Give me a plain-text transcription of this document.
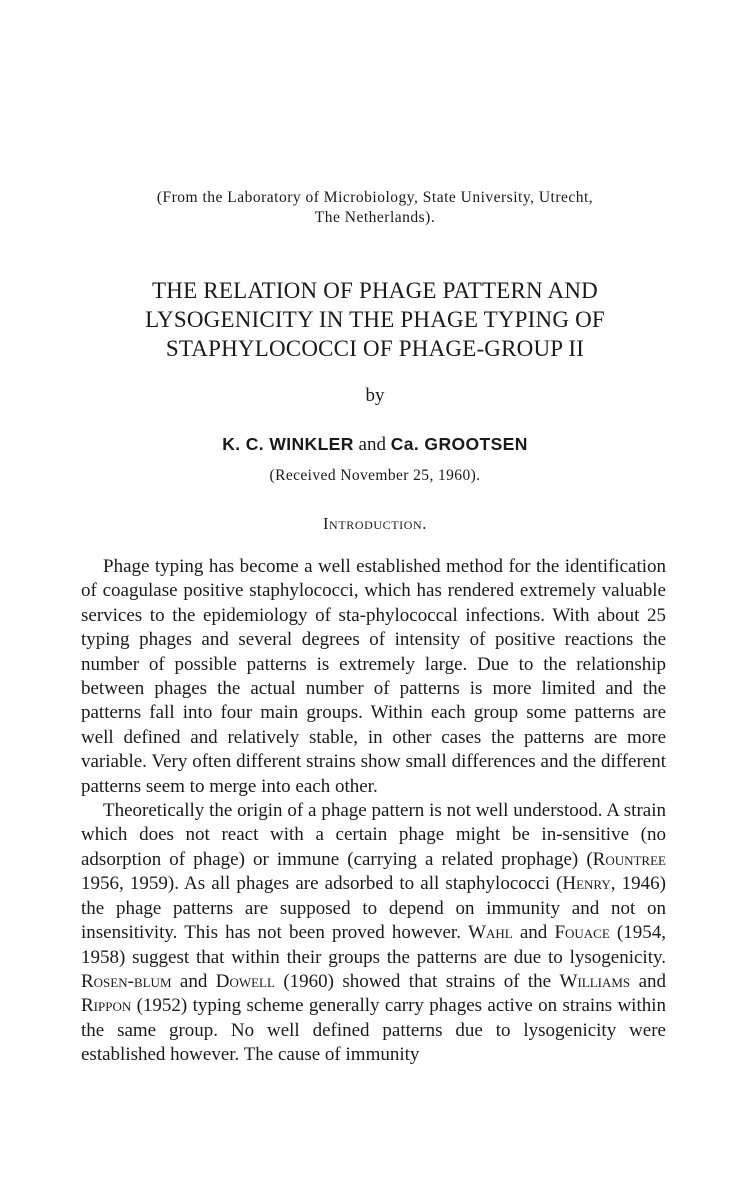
(From the Laboratory of Microbiology, State University, Utrecht,
The Netherlands).
THE RELATION OF PHAGE PATTERN AND
LYSOGENICITY IN THE PHAGE TYPING OF
STAPHYLOCOCCI OF PHAGE-GROUP II
by
K. C. WINKLER and Ca. GROOTSEN
(Received November 25, 1960).
Introduction.

Phage typing has become a well established method for the identification of coagulase positive staphylococci, which has rendered extremely valuable services to the epidemiology of sta-phylococcal infections. With about 25 typing phages and several degrees of intensity of positive reactions the number of possible patterns is extremely large. Due to the relationship between phages the actual number of patterns is more limited and the patterns fall into four main groups. Within each group some patterns are well defined and relatively stable, in other cases the patterns are more variable. Very often different strains show small differences and the different patterns seem to merge into each other.

Theoretically the origin of a phage pattern is not well understood. A strain which does not react with a certain phage might be in-sensitive (no adsorption of phage) or immune (carrying a related prophage) (Rountree 1956, 1959). As all phages are adsorbed to all staphylococci (Henry, 1946) the phage patterns are supposed to depend on immunity and not on insensitivity. This has not been proved however. Wahl and Fouace (1954, 1958) suggest that within their groups the patterns are due to lysogenicity. Rosen-blum and Dowell (1960) showed that strains of the Williams and Rippon (1952) typing scheme generally carry phages active on strains within the same group. No well defined patterns due to lysogenicity were established however. The cause of immunity
